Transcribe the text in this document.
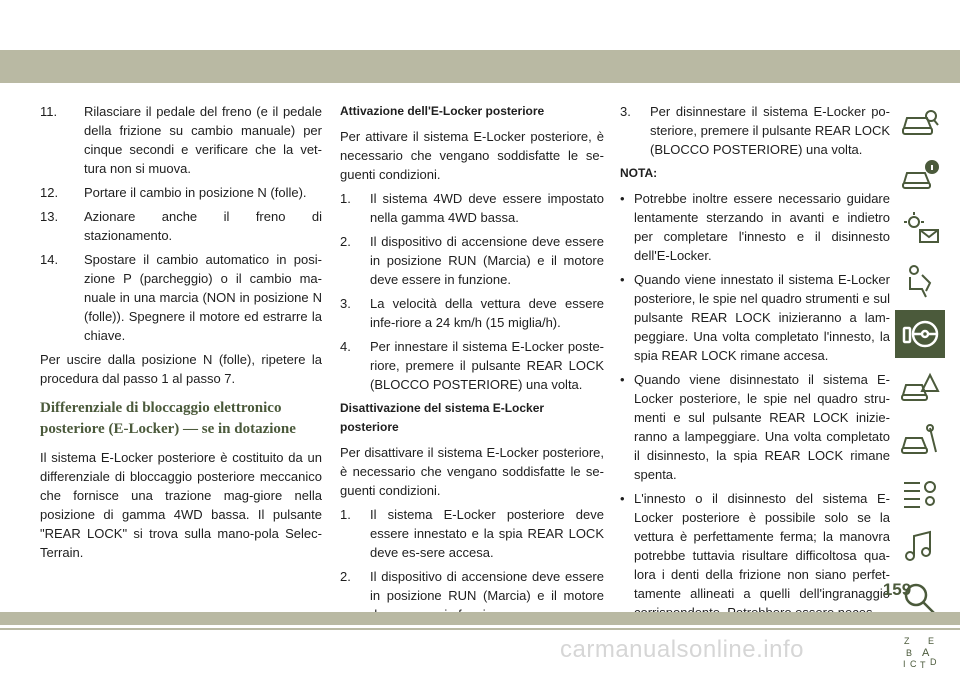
11.	Rilasciare il pedale del freno (e il pedale della frizione su cambio manuale) per cinque secondi e verificare che la vet-tura non si muova.
12.	Portare il cambio in posizione N (folle).
13.	Azionare anche il freno di stazionamento.
14.	Spostare il cambio automatico in posi-zione P (parcheggio) o il cambio ma-nuale in una marcia (NON in posizione N (folle)). Spegnere il motore ed estrarre la chiave.

Per uscire dalla posizione N (folle), ripetere la procedura dal passo 1 al passo 7.

Differenziale di bloccaggio elettronico posteriore (E-Locker) — se in dotazione

Il sistema E-Locker posteriore è costituito da un differenziale di bloccaggio posteriore meccanico che fornisce una trazione mag-giore nella posizione di gamma 4WD bassa. Il pulsante "REAR LOCK" si trova sulla mano-pola Selec-Terrain.

Attivazione dell'E-Locker posteriore

Per attivare il sistema E-Locker posteriore, è necessario che vengano soddisfatte le se-guenti condizioni.

1.	Il sistema 4WD deve essere impostato nella gamma 4WD bassa.
2.	Il dispositivo di accensione deve essere in posizione RUN (Marcia) e il motore deve essere in funzione.
3.	La velocità della vettura deve essere infe-riore a 24 km/h (15 miglia/h).
4.	Per innestare il sistema E-Locker poste-riore, premere il pulsante REAR LOCK (BLOCCO POSTERIORE) una volta.
Disattivazione del sistema E-Locker posteriore

Per disattivare il sistema E-Locker posteriore, è necessario che vengano soddisfatte le se-guenti condizioni.

1.	Il sistema E-Locker posteriore deve essere innestato e la spia REAR LOCK deve es-sere accesa.
2.	Il dispositivo di accensione deve essere in posizione RUN (Marcia) e il motore
3.	Per disinnestare il sistema E-Locker po-steriore, premere il pulsante REAR LOCK (BLOCCO POSTERIORE) una volta.
NOTA:
• Potrebbe inoltre essere necessario guidare lentamente sterzando in avanti e indietro per completare l'innesto e il disinnesto dell'E-Locker.
• Quando viene innestato il sistema E-Locker posteriore, le spie nel quadro strumenti e sul pulsante REAR LOCK inizieranno a lam-peggiare. Una volta completato l'innesto, la spia REAR LOCK rimane accesa.
• Quando viene disinnestato il sistema E-Locker posteriore, le spie nel quadro stru-menti e sul pulsante REAR LOCK inizie-ranno a lampeggiare. Una volta completato il disinnesto, la spia REAR LOCK rimane spenta.
• L'innesto o il disinnesto del sistema E-Locker posteriore è possibile solo se la vettura è perfettamente ferma; la manovra potrebbe tuttavia risultare difficoltosa qua-lora i denti della frizione non siano perfet-tamente allineati a quelli dell'ingranaggio
Z E
B A
C D
I T
159
carmanualsonline.info
